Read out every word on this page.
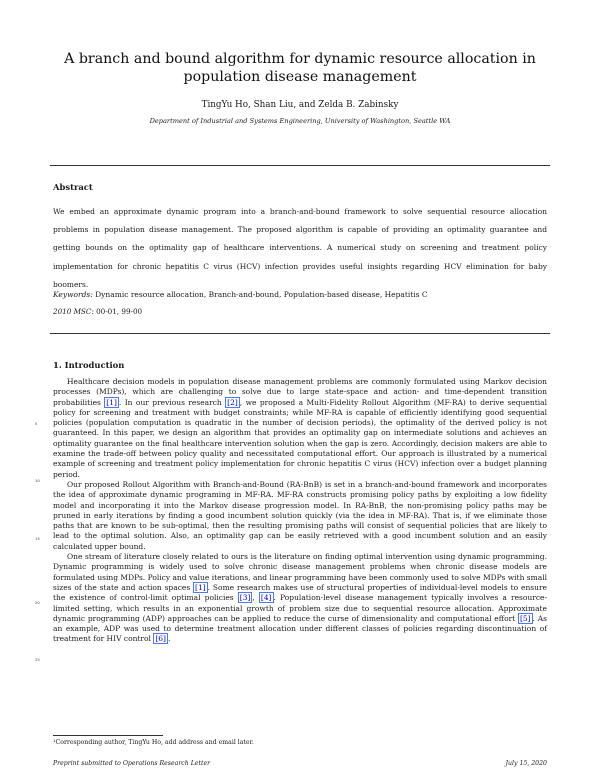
A branch and bound algorithm for dynamic resource allocation in population disease management
TingYu Ho, Shan Liu, and Zelda B. Zabinsky
Department of Industrial and Systems Engineering, University of Washington, Seattle WA
Abstract
We embed an approximate dynamic program into a branch-and-bound framework to solve sequential resource allocation problems in population disease management. The proposed algorithm is capable of providing an optimality guarantee and getting bounds on the optimality gap of healthcare interventions. A numerical study on screening and treatment policy implementation for chronic hepatitis C virus (HCV) infection provides useful insights regarding HCV elimination for baby boomers.
Keywords: Dynamic resource allocation, Branch-and-bound, Population-based disease, Hepatitis C
2010 MSC: 00-01, 99-00
1. Introduction

Healthcare decision models in population disease management problems are commonly formulated using Markov decision processes (MDPs), which are challenging to solve due to large state-space and action- and time-dependent transition probabilities [1] . In our previous research [2] , we proposed a Multi-Fidelity Rollout Algorithm (MF-RA) to derive sequential policy for screening and treatment with budget constraints; while MF-RA is capable of efficiently identifying good sequential policies (population computation is quadratic in the number of decision periods), the optimality of the derived policy is not guaranteed. In this paper, we design an algorithm that provides an optimality gap on intermediate solutions and achieves an optimality guarantee on the final healthcare intervention solution when the gap is zero. Accordingly, decision makers are able to examine the trade-off between policy quality and necessitated computational effort. Our approach is illustrated by a numerical example of screening and treatment policy implementation for chronic hepatitis C virus (HCV) infection over a budget planning period.

Our proposed Rollout Algorithm with Branch-and-Bound (RA-BnB) is set in a branch-and-bound framework and incorporates the idea of approximate dynamic programing in MF-RA. MF-RA constructs promising policy paths by exploiting a low fidelity model and incorporating it into the Markov disease progression model. In RA-BnB, the non-promising policy paths may be pruned in early iterations by finding a good incumbent solution quickly (via the idea in MF-RA). That is, if we eliminate those paths that are known to be sub-optimal, then the resulting promising paths will consist of sequential policies that are likely to lead to the optimal solution. Also, an optimality gap can be easily retrieved with a good incumbent solution and an easily calculated upper bound.

One stream of literature closely related to ours is the literature on finding optimal intervention using dynamic programming. Dynamic programming is widely used to solve chronic disease management problems when chronic disease models are formulated using MDPs. Policy and value iterations, and linear programming have been commonly used to solve MDPs with small sizes of the state and action spaces [1] . Some research makes use of structural properties of individual-level models to ensure the existence of control-limit optimal policies [3] , [4] . Population-level disease management typically involves a resource-limited setting, which results in an exponential growth of problem size due to sequential resource allocation. Approximate dynamic programming (ADP) approaches can be applied to reduce the curse of dimensionality and computational effort [5] . As an example, ADP was used to determine treatment allocation under different classes of policies regarding discontinuation of treatment for HIV control [6] .

5
10
15
20
25
¹Corresponding author, TingYu Ho, add address and email later.
Preprint submitted to Operations Research Letter	July 15, 2020
